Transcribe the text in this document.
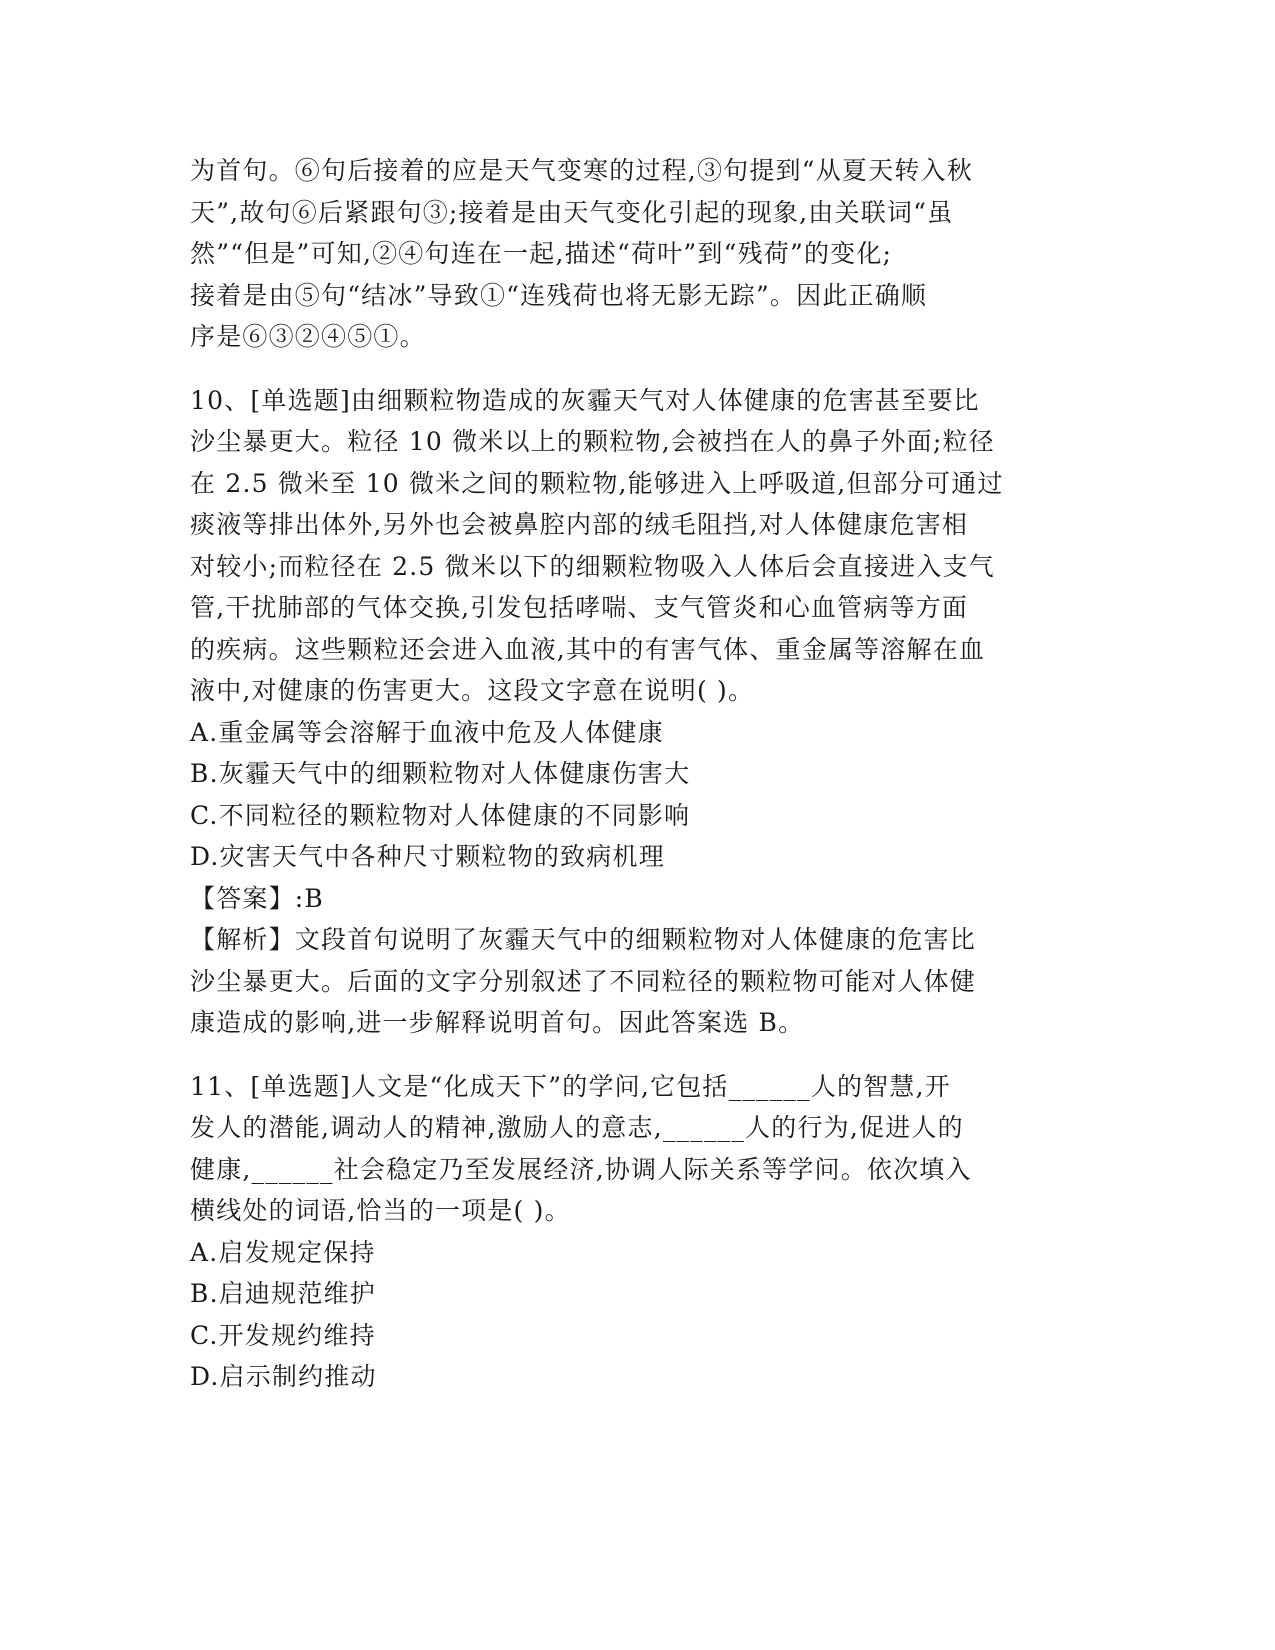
为首句。⑥句后接着的应是天气变寒的过程,③句提到“从夏天转入秋
天”,故句⑥后紧跟句③;接着是由天气变化引起的现象,由关联词“虽
然”“但是”可知,②④句连在一起,描述“荷叶”到“残荷”的变化;
接着是由⑤句“结冰”导致①“连残荷也将无影无踪”。因此正确顺
序是⑥③②④⑤①。
10、[单选题]由细颗粒物造成的灰霾天气对人体健康的危害甚至要比
沙尘暴更大。粒径 10 微米以上的颗粒物,会被挡在人的鼻子外面;粒径
在 2.5 微米至 10 微米之间的颗粒物,能够进入上呼吸道,但部分可通过
痰液等排出体外,另外也会被鼻腔内部的绒毛阻挡,对人体健康危害相
对较小;而粒径在 2.5 微米以下的细颗粒物吸入人体后会直接进入支气
管,干扰肺部的气体交换,引发包括哮喘、支气管炎和心血管病等方面
的疾病。这些颗粒还会进入血液,其中的有害气体、重金属等溶解在血
液中,对健康的伤害更大。这段文字意在说明( )。
A.重金属等会溶解于血液中危及人体健康
B.灰霾天气中的细颗粒物对人体健康伤害大
C.不同粒径的颗粒物对人体健康的不同影响
D.灾害天气中各种尺寸颗粒物的致病机理
【答案】:B
【解析】文段首句说明了灰霾天气中的细颗粒物对人体健康的危害比
沙尘暴更大。后面的文字分别叙述了不同粒径的颗粒物可能对人体健
康造成的影响,进一步解释说明首句。因此答案选 B。
11、[单选题]人文是“化成天下”的学问,它包括______人的智慧,开
发人的潜能,调动人的精神,激励人的意志,______人的行为,促进人的
健康,______社会稳定乃至发展经济,协调人际关系等学问。依次填入
横线处的词语,恰当的一项是( )。
A.启发规定保持
B.启迪规范维护
C.开发规约维持
D.启示制约推动
